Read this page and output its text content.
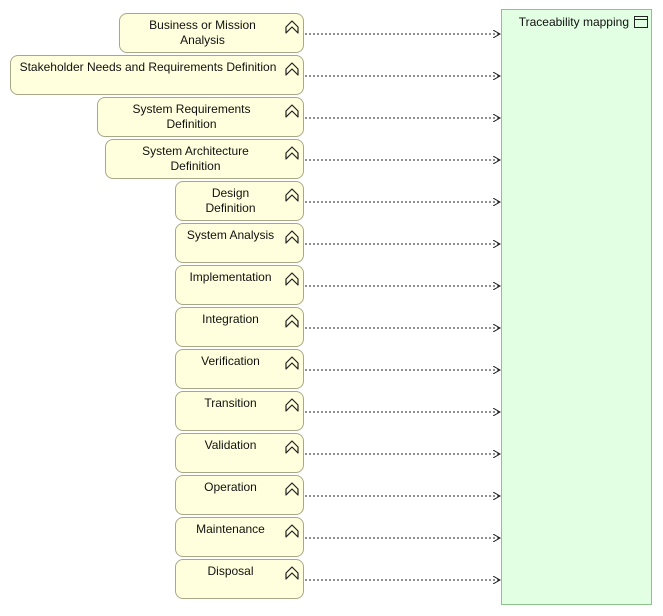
Traceability mapping
Business or Mission
Analysis
Stakeholder Needs and Requirements Definition
System Requirements
Definition
System Architecture
Definition
Design
Definition
System Analysis
Implementation
Integration
Verification
Transition
Validation
Operation
Maintenance
Disposal
